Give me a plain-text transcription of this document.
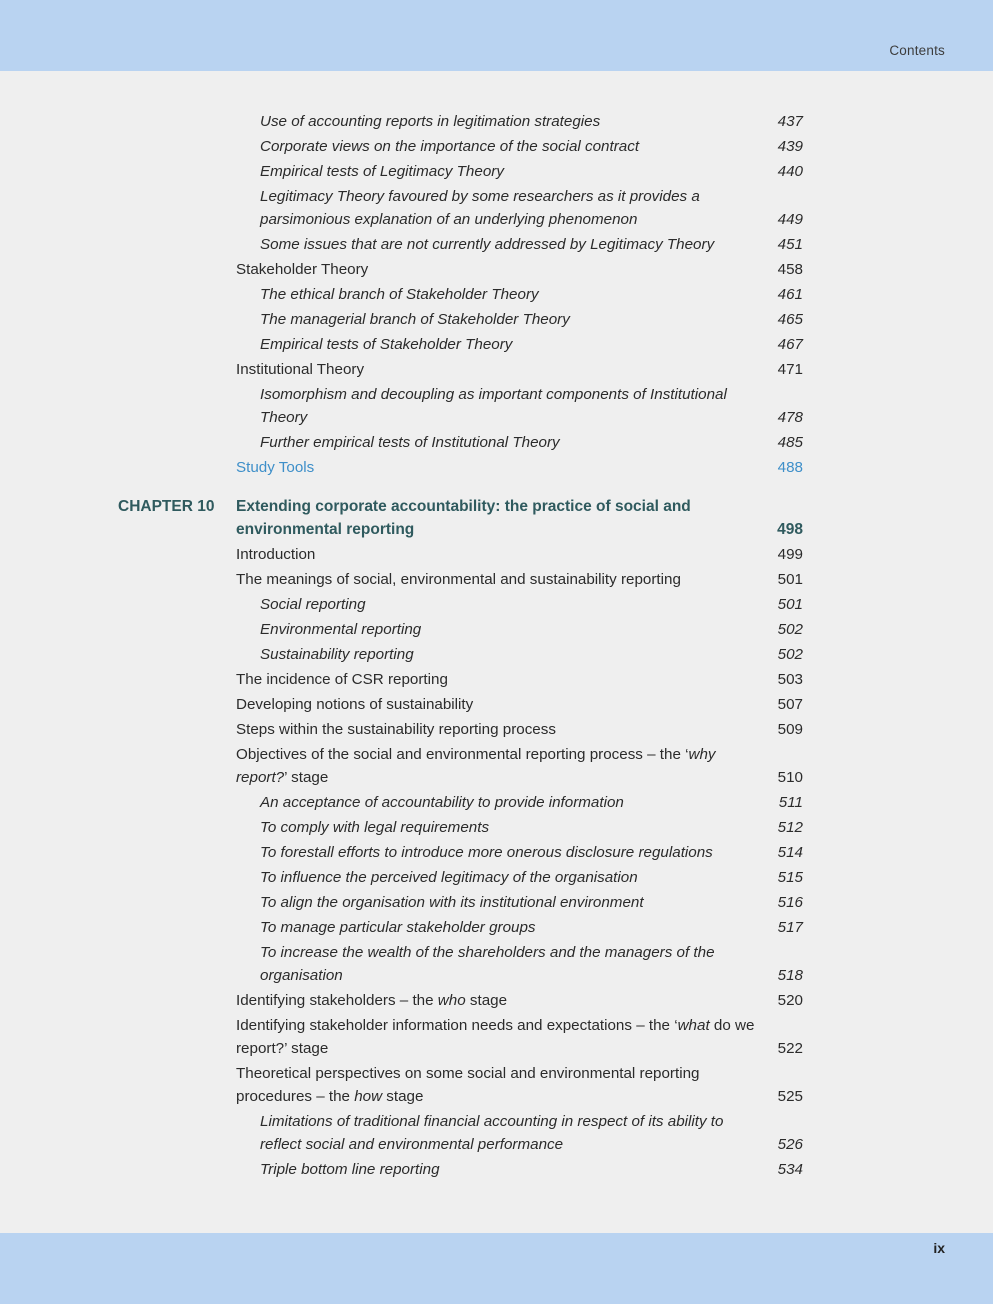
Contents
Use of accounting reports in legitimation strategies	437
Corporate views on the importance of the social contract	439
Empirical tests of Legitimacy Theory	440
Legitimacy Theory favoured by some researchers as it provides a parsimonious explanation of an underlying phenomenon	449
Some issues that are not currently addressed by Legitimacy Theory	451
Stakeholder Theory	458
The ethical branch of Stakeholder Theory	461
The managerial branch of Stakeholder Theory	465
Empirical tests of Stakeholder Theory	467
Institutional Theory	471
Isomorphism and decoupling as important components of Institutional Theory	478
Further empirical tests of Institutional Theory	485
Study Tools	488
CHAPTER 10 Extending corporate accountability: the practice of social and environmental reporting	498
Introduction	499
The meanings of social, environmental and sustainability reporting	501
Social reporting	501
Environmental reporting	502
Sustainability reporting	502
The incidence of CSR reporting	503
Developing notions of sustainability	507
Steps within the sustainability reporting process	509
Objectives of the social and environmental reporting process – the ‘why report?’ stage	510
An acceptance of accountability to provide information	511
To comply with legal requirements	512
To forestall efforts to introduce more onerous disclosure regulations	514
To influence the perceived legitimacy of the organisation	515
To align the organisation with its institutional environment	516
To manage particular stakeholder groups	517
To increase the wealth of the shareholders and the managers of the organisation	518
Identifying stakeholders – the who stage	520
Identifying stakeholder information needs and expectations – the ‘what do we report?’ stage	522
Theoretical perspectives on some social and environmental reporting procedures – the how stage	525
Limitations of traditional financial accounting in respect of its ability to reflect social and environmental performance	526
Triple bottom line reporting	534
ix
